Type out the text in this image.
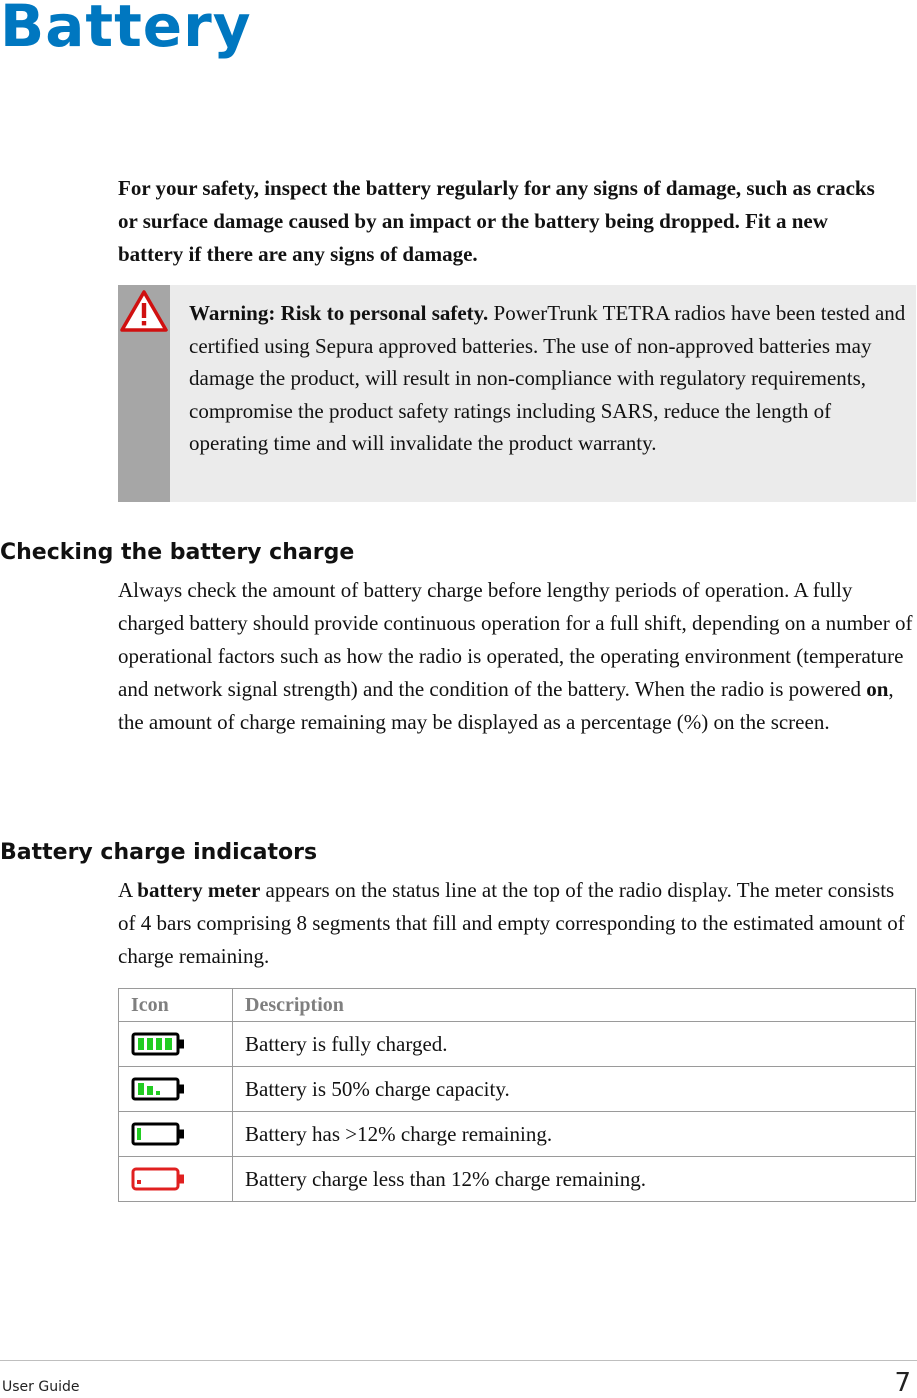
Battery

For your safety, inspect the battery regularly for any signs of damage, such as cracks or surface damage caused by an impact or the battery being dropped. Fit a new battery if there are any signs of damage.

Warning: Risk to personal safety. PowerTrunk TETRA radios have been tested and certified using Sepura approved batteries. The use of non-approved batteries may damage the product, will result in non-compliance with regulatory requirements, compromise the product safety ratings including SARS, reduce the length of operating time and will invalidate the product warranty.

Checking the battery charge

Always check the amount of battery charge before lengthy periods of operation. A fully charged battery should provide continuous operation for a full shift, depending on a number of operational factors such as how the radio is operated, the operating environment (temperature and network signal strength) and the condition of the battery. When the radio is powered on, the amount of charge remaining may be displayed as a percentage (%) on the screen.

Battery charge indicators

A battery meter appears on the status line at the top of the radio display. The meter consists of 4 bars comprising 8 segments that fill and empty corresponding to the estimated amount of charge remaining.

Icon	Description

	Battery is fully charged.

	Battery is 50% charge capacity.

	Battery has >12% charge remaining.

	Battery charge less than 12% charge remaining.
User Guide	7
